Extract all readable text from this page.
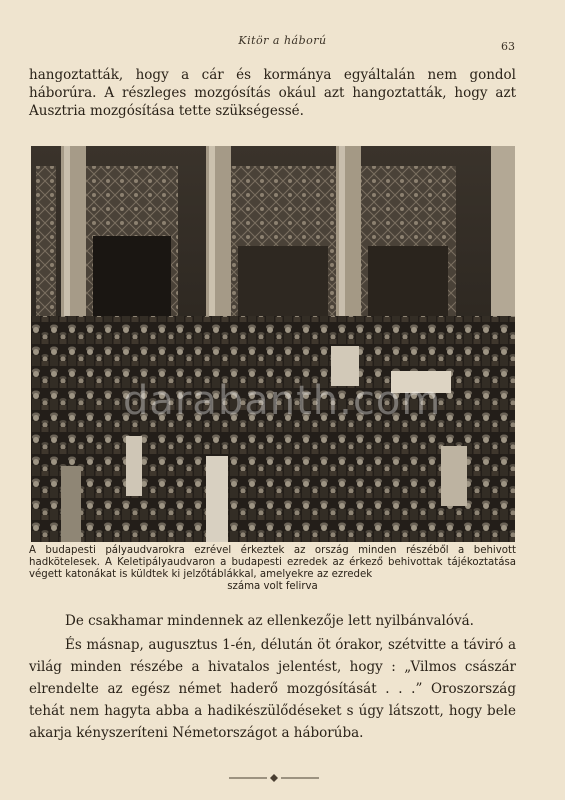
Kitör a háború	63
hangoztatták, hogy a cár és kormánya egyáltalán nem gondol háborúra. A részleges mozgósítás okául azt hangoztatták, hogy azt Ausztria mozgósítása tette szükségessé.
darabanth.com
A budapesti pályaudvarokra ezrével érkeztek az ország minden részéből a behivott hadkötelesek. A Keletipályaudvaron a budapesti ezredek az érkező behivottak tájékoztatása végett katonákat is küldtek ki jelzőtáblákkal, amelyekre az ezredek
száma volt felirva
De csakhamar mindennek az ellenkezője lett nyilbánvalóvá.
És másnap, augusztus 1-én, délután öt órakor, szétvitte a táviró a világ minden részébe a hivatalos jelentést, hogy : „Vilmos császár elrendelte az egész német haderő mozgósítását . . .” Oroszország tehát nem hagyta abba a hadikészülődéseket s úgy látszott, hogy bele akarja kényszeríteni Németországot a háborúba.
